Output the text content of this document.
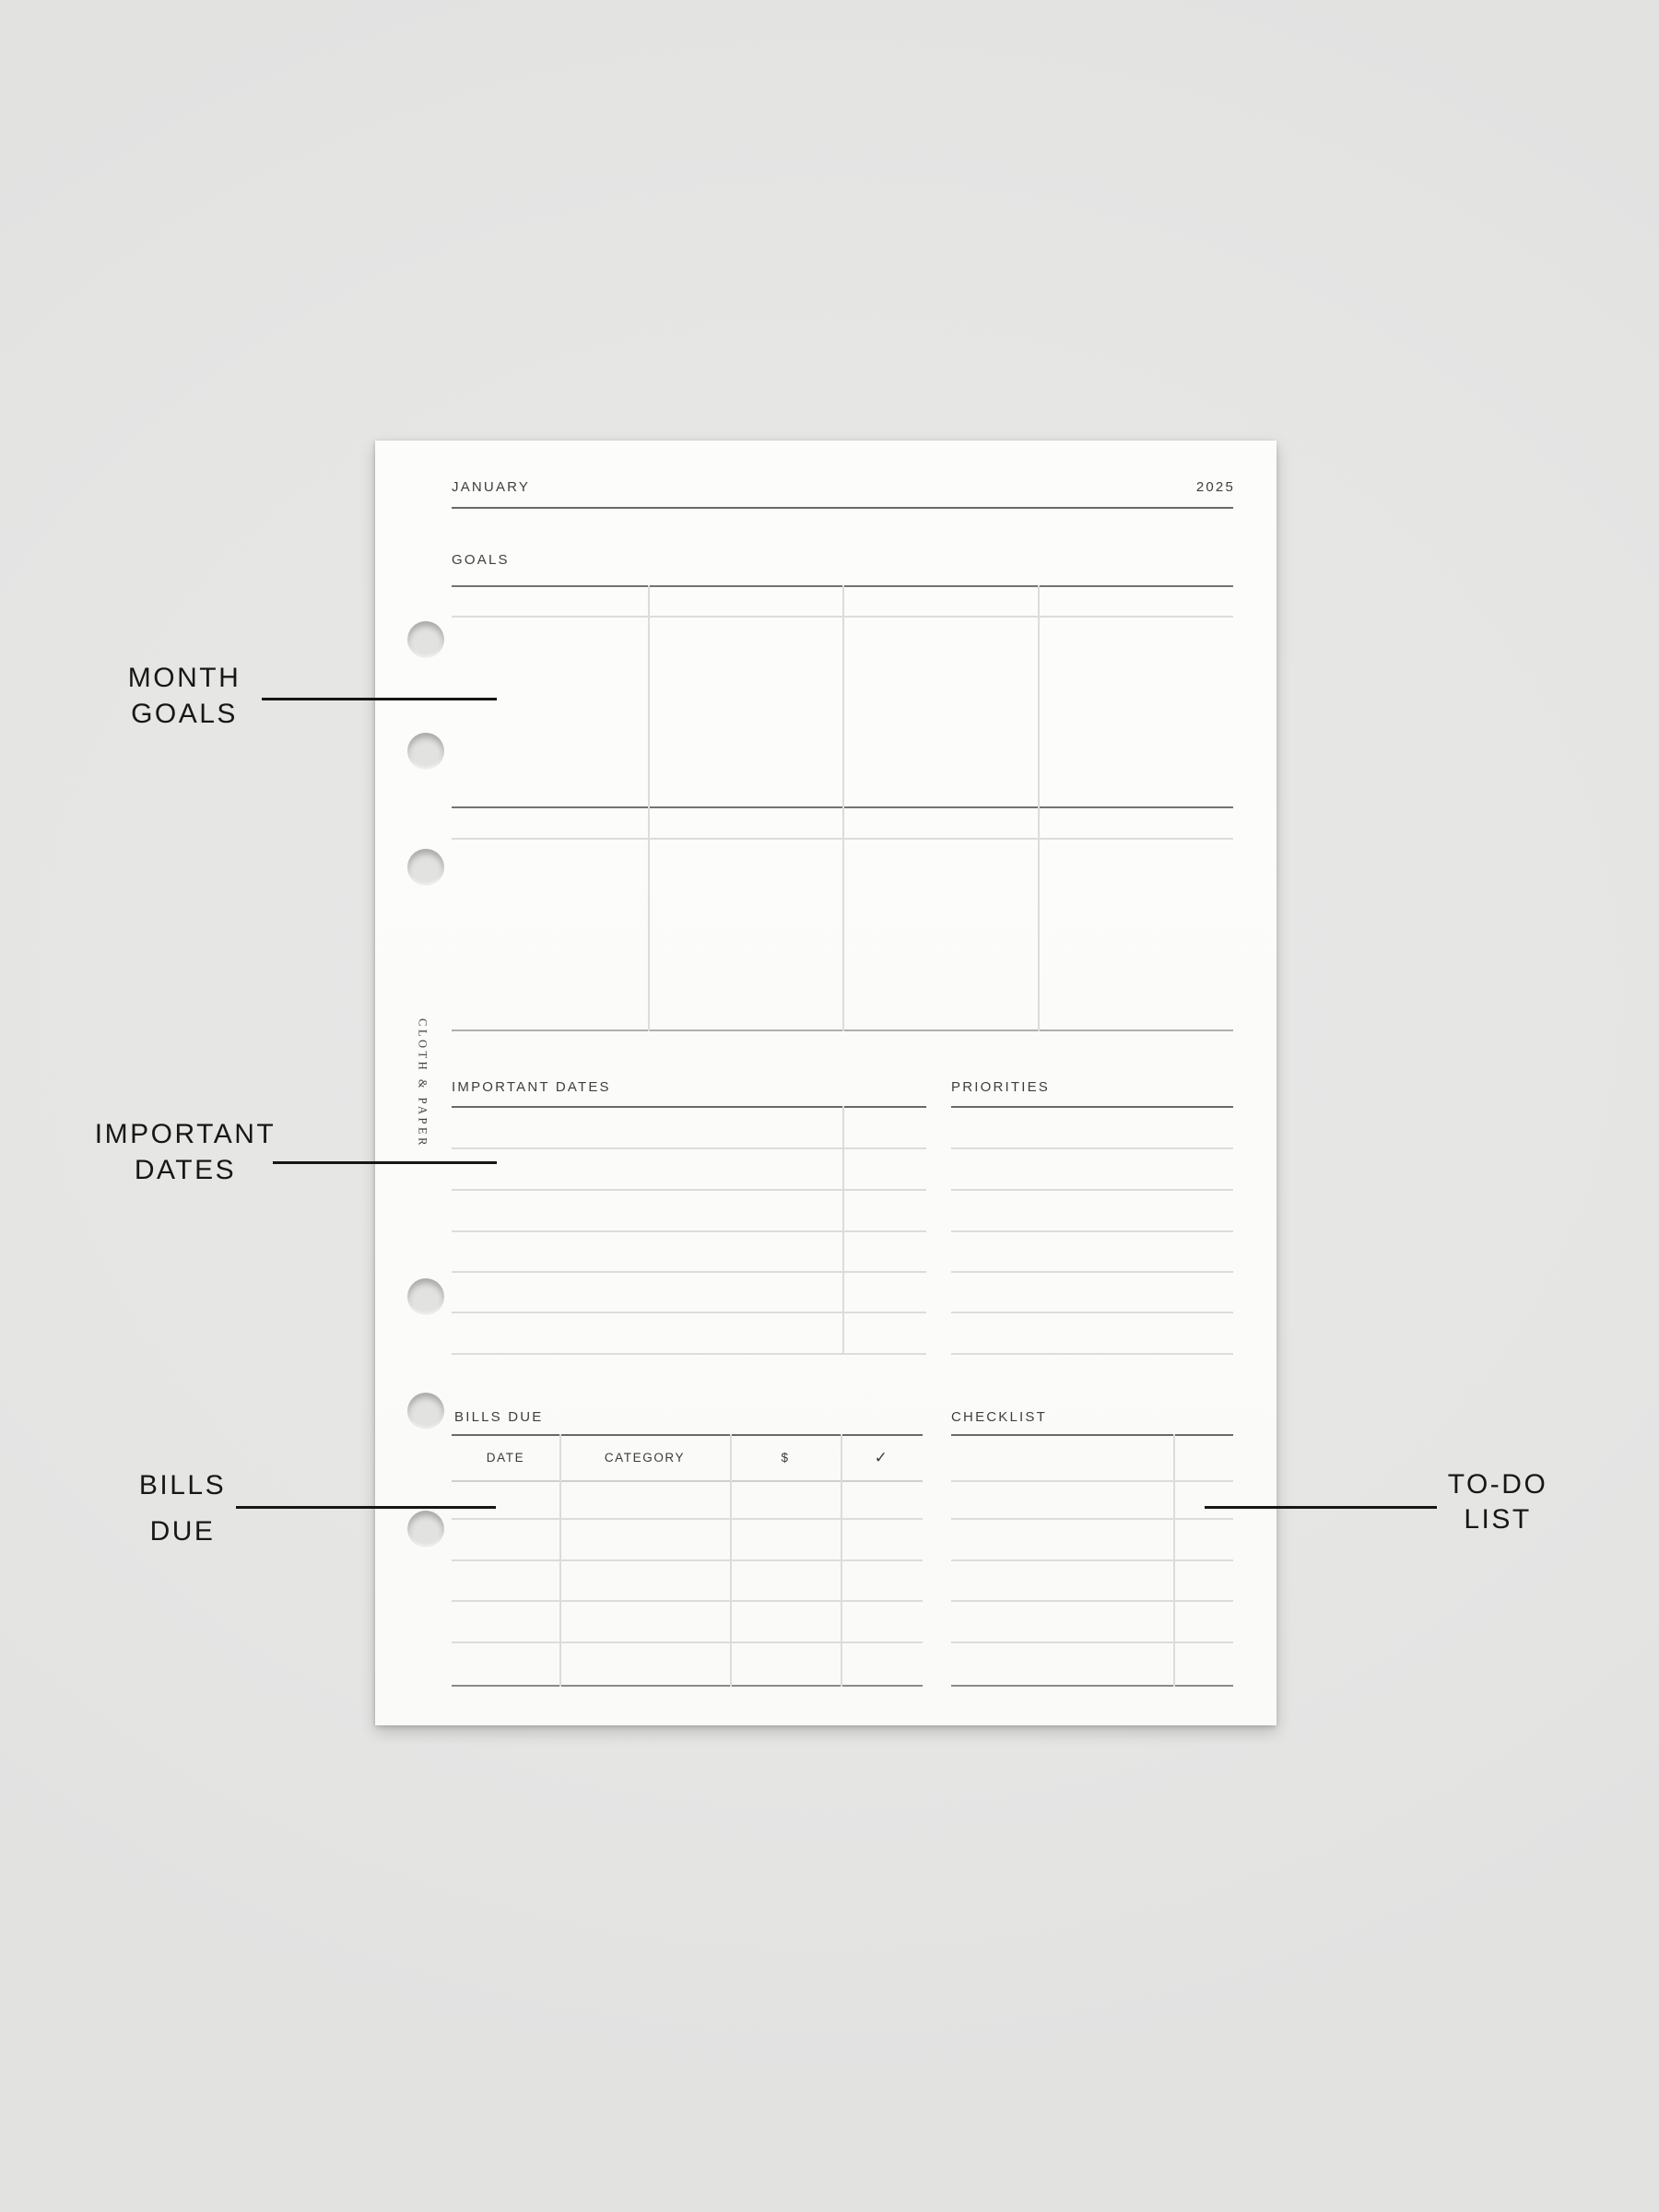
JANUARY	2025
GOALS
CLOTH & PAPER IMPORTANT DATES	PRIORITIES
BILLS DUE
DATE	CATEGORY	$	✓
CHECKLIST
MONTH
GOALS
IMPORTANT
DATES
BILLS
DUE
TO-DO
LIST
